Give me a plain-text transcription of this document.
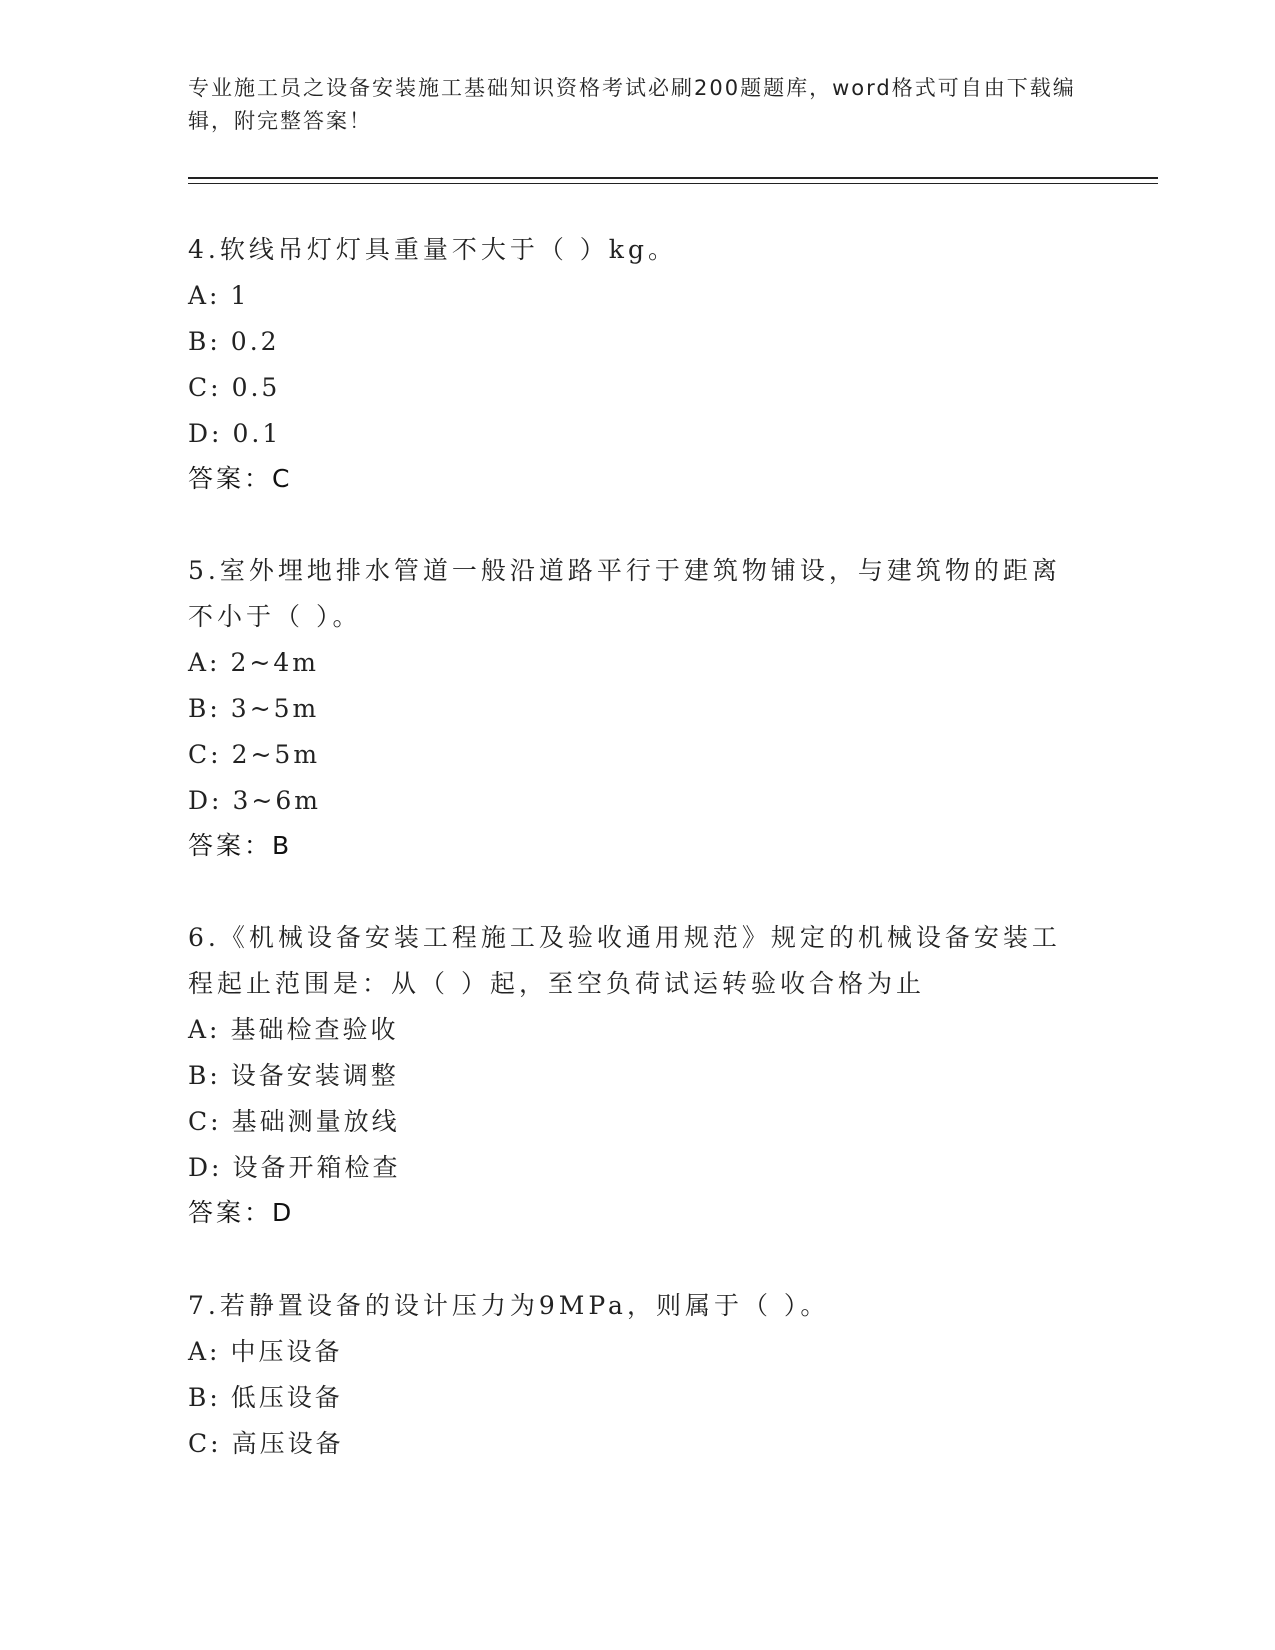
专业施工员之设备安装施工基础知识资格考试必刷200题题库，word格式可自由下载编辑，附完整答案！
4.软线吊灯灯具重量不大于（ ）kg。
A: 1
B: 0.2
C: 0.5
D: 0.1
答案：C
5.室外埋地排水管道一般沿道路平行于建筑物铺设，与建筑物的距离不小于（ ）。
A: 2~4m
B: 3~5m
C: 2~5m
D: 3~6m
答案：B
6.《机械设备安装工程施工及验收通用规范》规定的机械设备安装工程起止范围是：从（ ）起，至空负荷试运转验收合格为止
A: 基础检查验收
B: 设备安装调整
C: 基础测量放线
D: 设备开箱检查
答案：D
7.若静置设备的设计压力为9MPa，则属于（ ）。
A: 中压设备
B: 低压设备
C: 高压设备
